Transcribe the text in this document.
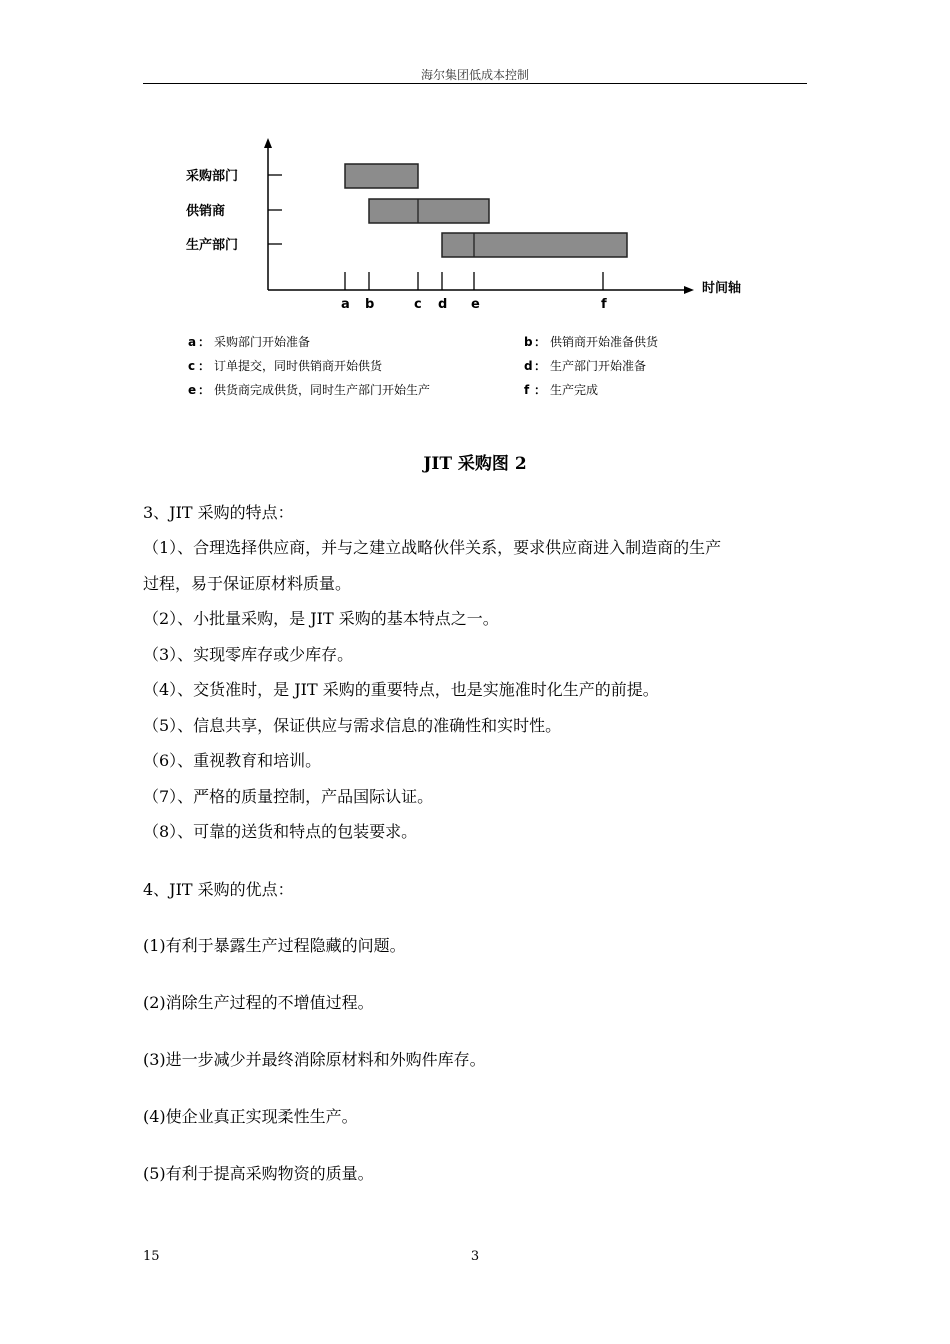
海尔集团低成本控制
采购部门
供销商
生产部门
a b	c d e	f
时间轴
a ： 采购部门开始准备	b ： 供销商开始准备供货
c ： 订单提交，同时供销商开始供货	d ： 生产部门开始准备
e ： 供货商完成供货，同时生产部门开始生产	f ： 生产完成
JIT 采购图 2
3、JIT 采购的特点：
（1）、合理选择供应商，并与之建立战略伙伴关系，要求供应商进入制造商的生产
过程，易于保证原材料质量。
（2）、小批量采购，是 JIT 采购的基本特点之一。
（3）、实现零库存或少库存。
（4）、交货准时，是 JIT 采购的重要特点，也是实施准时化生产的前提。
（5）、信息共享，保证供应与需求信息的准确性和实时性。
（6）、重视教育和培训。
（7）、严格的质量控制，产品国际认证。
（8）、可靠的送货和特点的包装要求。
4、JIT 采购的优点：
(1)有利于暴露生产过程隐藏的问题。
(2)消除生产过程的不增值过程。
(3)进一步减少并最终消除原材料和外购件库存。
(4)使企业真正实现柔性生产。
(5)有利于提高采购物资的质量。
15	3
